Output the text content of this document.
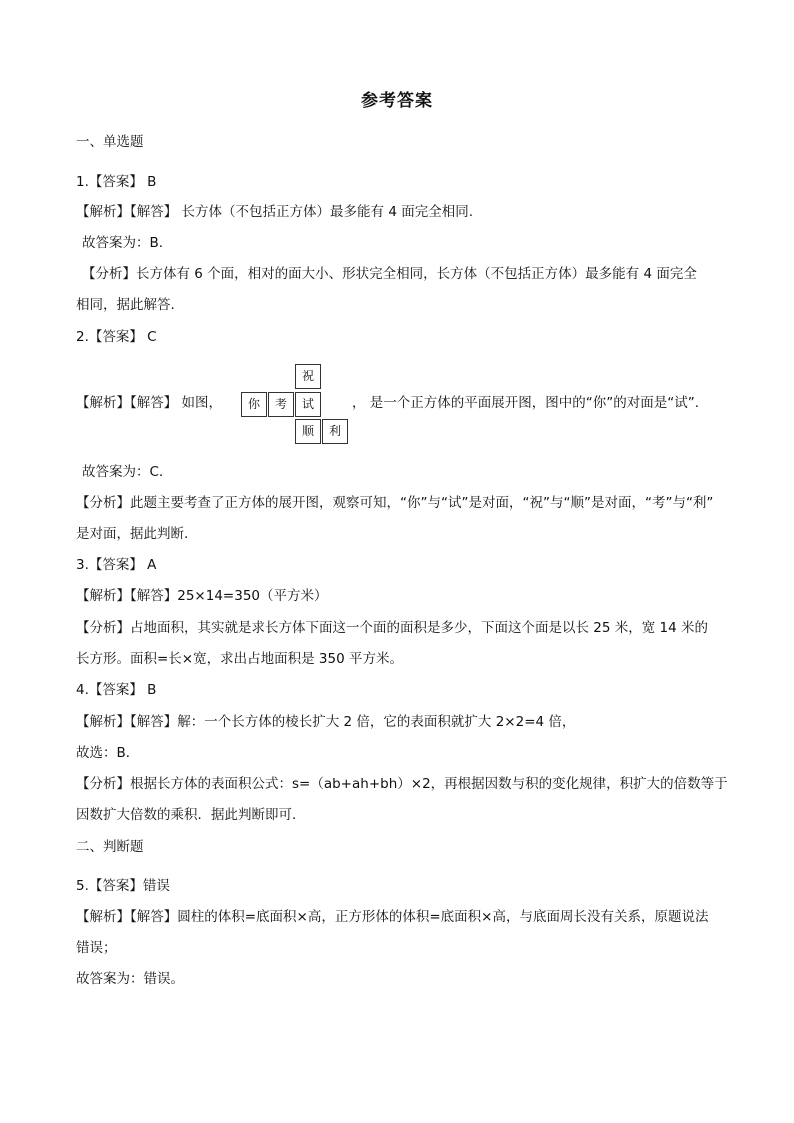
参考答案
一、单选题
1.【答案】 B
【解析】【解答】 长方体（不包括正方体）最多能有 4 面完全相同.
故答案为：B.
【分析】长方体有 6 个面，相对的面大小、形状完全相同，长方体（不包括正方体）最多能有 4 面完全
相同，据此解答.
2.【答案】 C
【解析】【解答】 如图，
祝
你	考	试
顺	利
， 是一个正方体的平面展开图，图中的“你”的对面是“试”.
故答案为：C.
【分析】此题主要考查了正方体的展开图，观察可知，“你”与“试”是对面，“祝”与“顺”是对面，“考”与“利”
是对面，据此判断.
3.【答案】 A
【解析】【解答】25×14=350（平方米）
【分析】占地面积，其实就是求长方体下面这一个面的面积是多少，下面这个面是以长 25 米，宽 14 米的
长方形。面积=长×宽，求出占地面积是 350 平方米。
4.【答案】 B
【解析】【解答】解：一个长方体的棱长扩大 2 倍，它的表面积就扩大 2×2=4 倍，
故选：B．
【分析】根据长方体的表面积公式：s=（ab+ah+bh）×2，再根据因数与积的变化规律，积扩大的倍数等于
因数扩大倍数的乘积．据此判断即可．
二、判断题
5.【答案】错误
【解析】【解答】圆柱的体积=底面积×高，正方形体的体积=底面积×高，与底面周长没有关系，原题说法
错误；
故答案为：错误。
